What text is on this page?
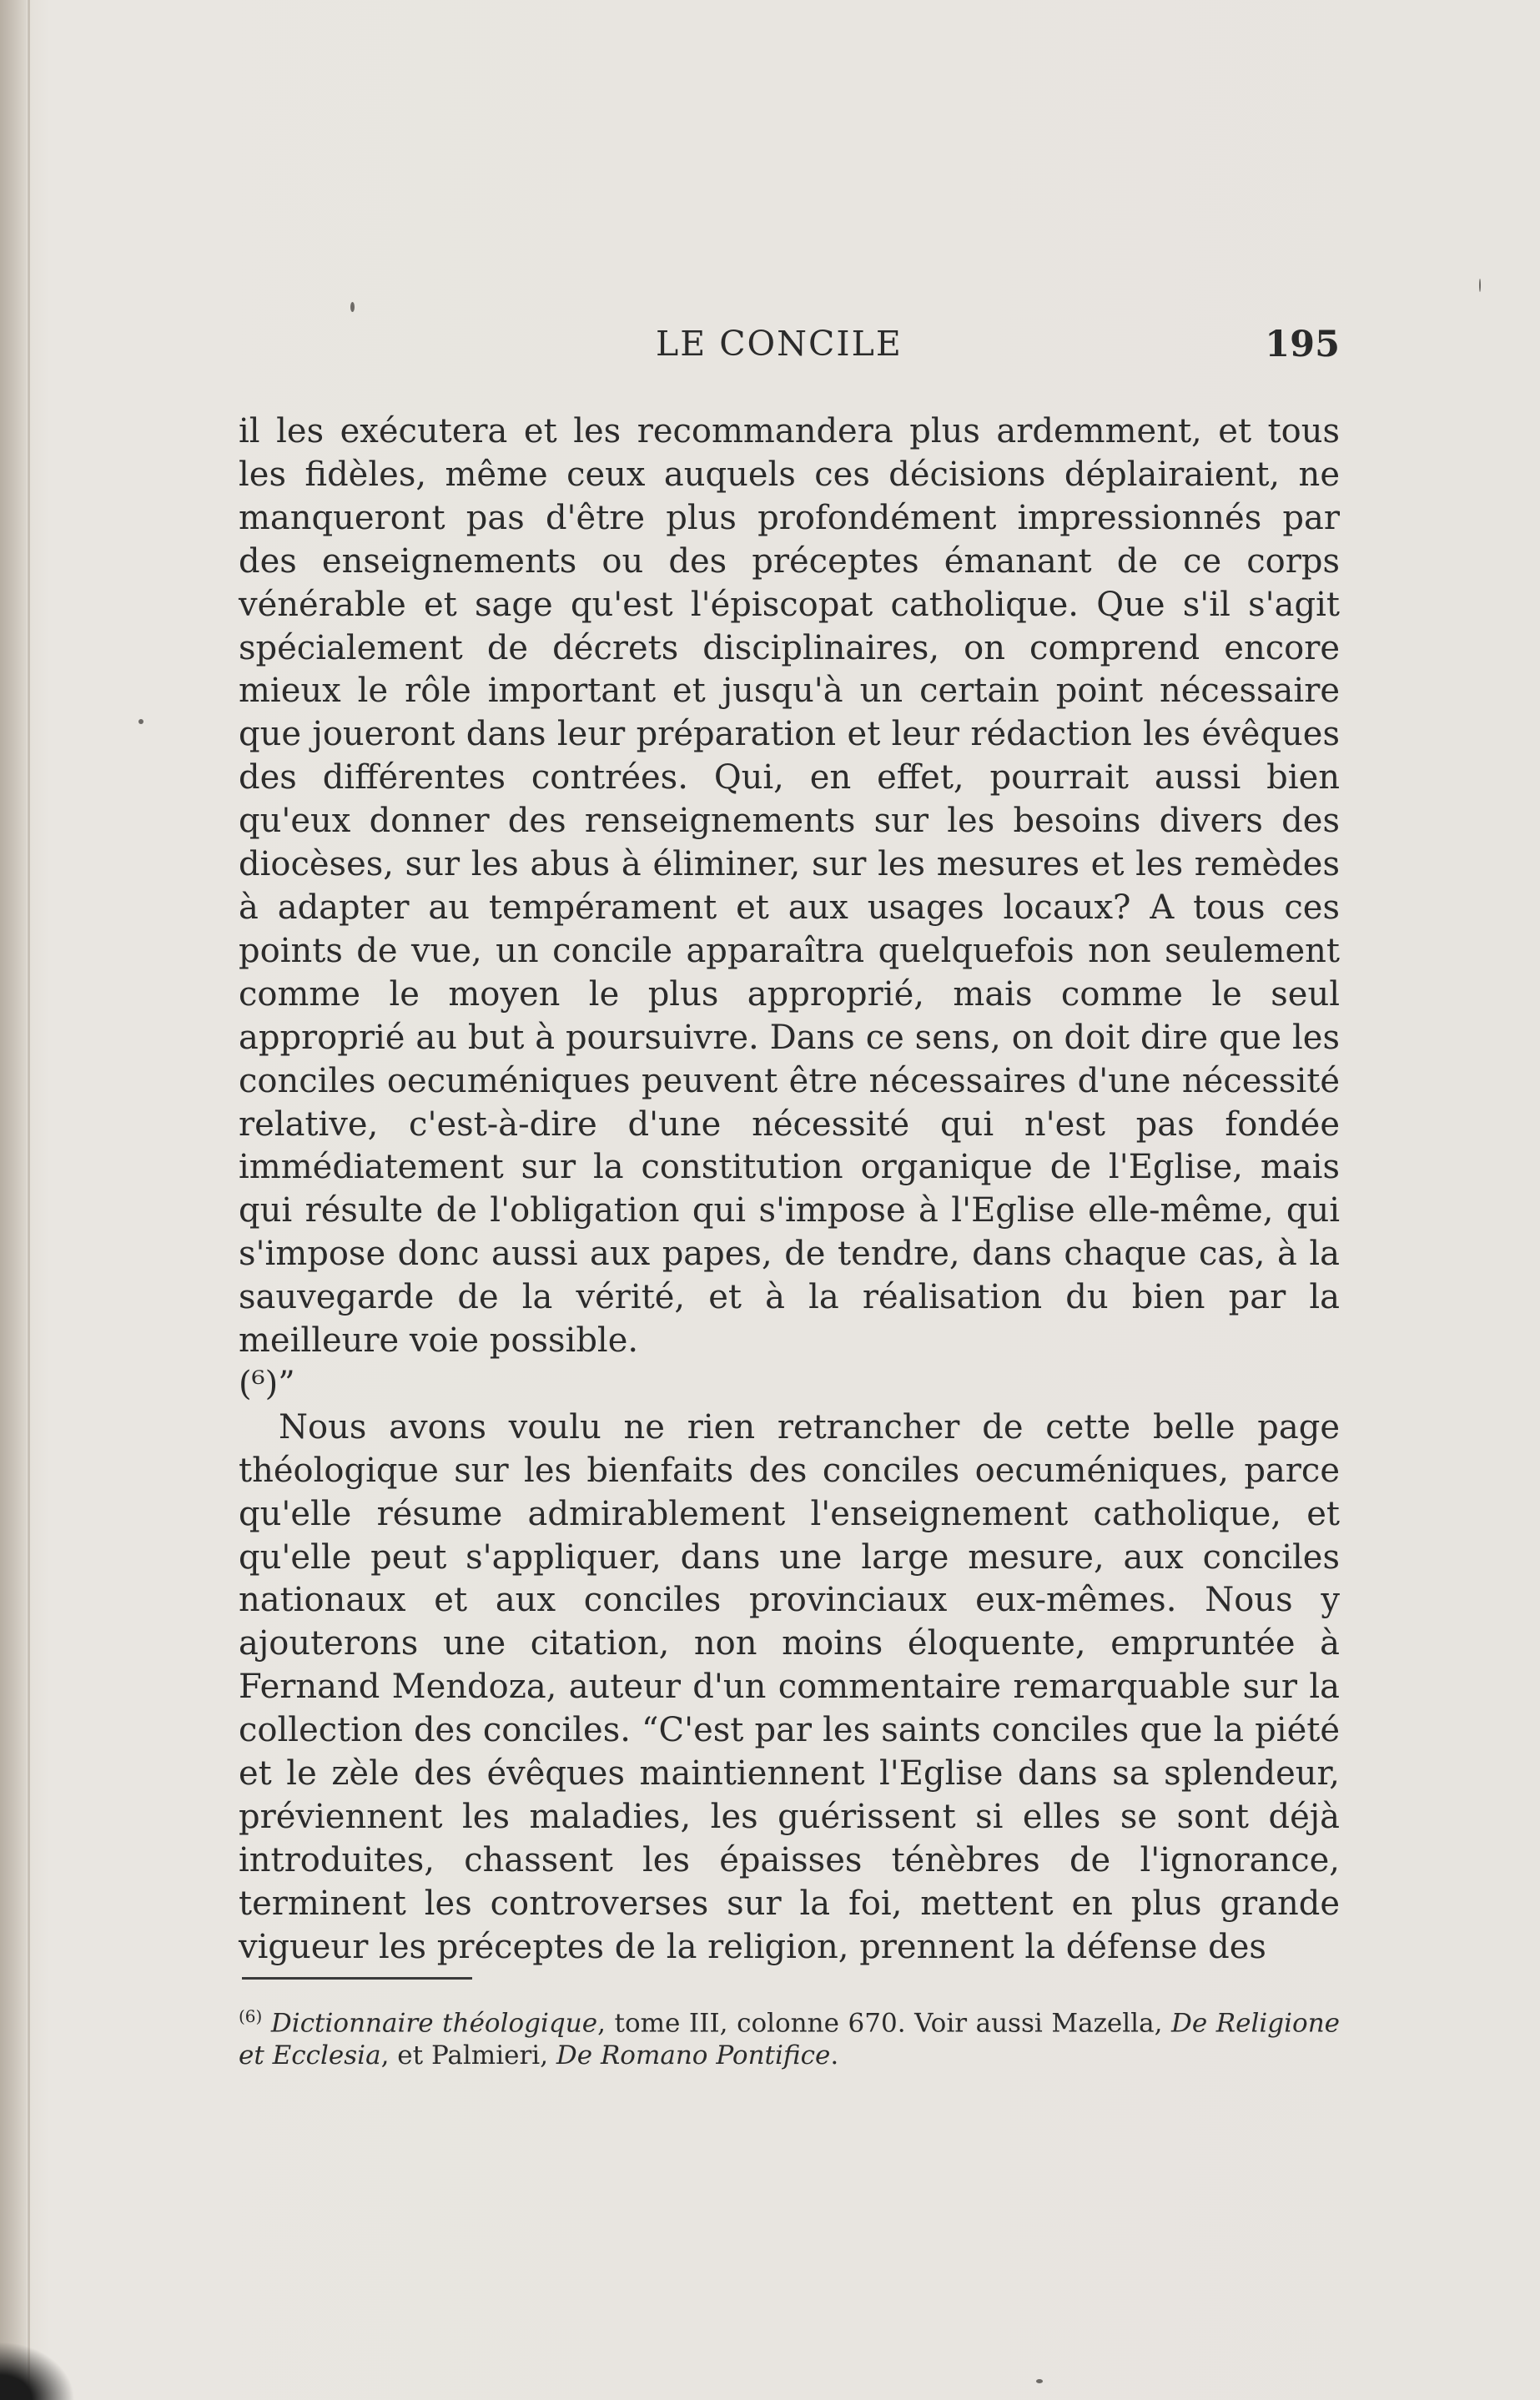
LE CONCILE	195

il les exécutera et les recommandera plus ardemment, et tous les fidèles, même ceux auquels ces décisions déplairaient, ne manqueront pas d'être plus profondément impressionnés par des enseignements ou des préceptes émanant de ce corps vénérable et sage qu'est l'épiscopat catholique. Que s'il s'agit spécialement de décrets disciplinaires, on comprend encore mieux le rôle important et jusqu'à un certain point nécessaire que joueront dans leur préparation et leur rédaction les évêques des différentes contrées. Qui, en effet, pourrait aussi bien qu'eux donner des renseignements sur les besoins divers des diocèses, sur les abus à éliminer, sur les mesures et les remèdes à adapter au tempérament et aux usages locaux? A tous ces points de vue, un concile apparaîtra quelquefois non seulement comme le moyen le plus approprié, mais comme le seul approprié au but à poursuivre. Dans ce sens, on doit dire que les conciles oecuméniques peuvent être nécessaires d'une nécessité relative, c'est-à-dire d'une nécessité qui n'est pas fondée immédiatement sur la constitution organique de l'Eglise, mais qui résulte de l'obligation qui s'impose à l'Eglise elle-même, qui s'impose donc aussi aux papes, de tendre, dans chaque cas, à la sauvegarde de la vérité, et à la réalisation du bien par la meilleure voie possible.

(⁶)”

Nous avons voulu ne rien retrancher de cette belle page théologique sur les bienfaits des conciles oecuméniques, parce qu'elle résume admirablement l'enseignement catholique, et qu'elle peut s'appliquer, dans une large mesure, aux conciles nationaux et aux conciles provinciaux eux-mêmes. Nous y ajouterons une citation, non moins éloquente, empruntée à Fernand Mendoza, auteur d'un commentaire remarquable sur la collection des conciles. “C'est par les saints conciles que la piété et le zèle des évêques maintiennent l'Eglise dans sa splendeur, préviennent les maladies, les guérissent si elles se sont déjà introduites, chassent les épaisses ténèbres de l'ignorance, terminent les controverses sur la foi, mettent en plus grande vigueur les préceptes de la religion, prennent la défense des

$^{(6)}$ Dictionnaire théologique, tome III, colonne 670. Voir aussi Mazella, De Religione et Ecclesia, et Palmieri, De Romano Pontifice.
